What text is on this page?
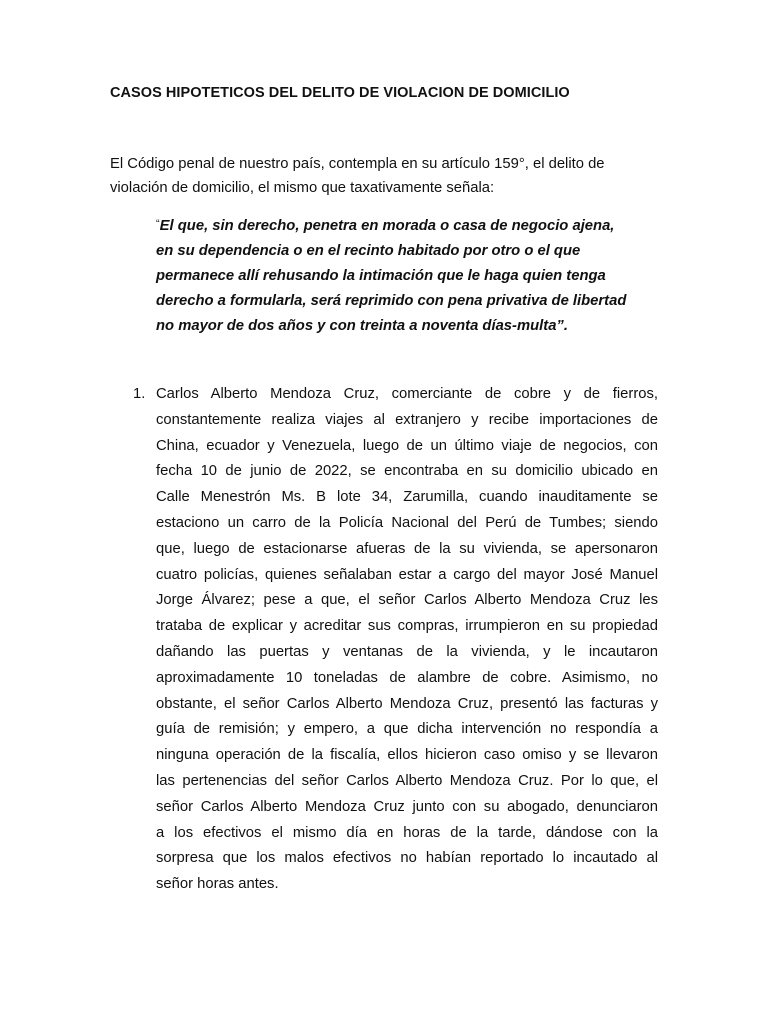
CASOS HIPOTETICOS DEL DELITO DE VIOLACION DE DOMICILIO
El Código penal de nuestro país, contempla en su artículo 159°, el delito de
violación de domicilio, el mismo que taxativamente señala:
“El que, sin derecho, penetra en morada o casa de negocio ajena,
en su dependencia o en el recinto habitado por otro o el que
permanece allí rehusando la intimación que le haga quien tenga
derecho a formularla, será reprimido con pena privativa de libertad
no mayor de dos años y con treinta a noventa días-multa”.
1. Carlos Alberto Mendoza Cruz, comerciante de cobre y de fierros,
constantemente realiza viajes al extranjero y recibe importaciones de
China, ecuador y Venezuela, luego de un último viaje de negocios, con
fecha 10 de junio de 2022, se encontraba en su domicilio ubicado en
Calle Menestrón Ms. B lote 34, Zarumilla, cuando inauditamente se
estaciono un carro de la Policía Nacional del Perú de Tumbes; siendo
que, luego de estacionarse afueras de la su vivienda, se apersonaron
cuatro policías, quienes señalaban estar a cargo del mayor José Manuel
Jorge Álvarez; pese a que, el señor Carlos Alberto Mendoza Cruz les
trataba de explicar y acreditar sus compras, irrumpieron en su propiedad
dañando las puertas y ventanas de la vivienda, y le incautaron
aproximadamente 10 toneladas de alambre de cobre. Asimismo, no
obstante, el señor Carlos Alberto Mendoza Cruz, presentó las facturas y
guía de remisión; y empero, a que dicha intervención no respondía a
ninguna operación de la fiscalía, ellos hicieron caso omiso y se llevaron
las pertenencias del señor Carlos Alberto Mendoza Cruz. Por lo que, el
señor Carlos Alberto Mendoza Cruz junto con su abogado, denunciaron
a los efectivos el mismo día en horas de la tarde, dándose con la
sorpresa que los malos efectivos no habían reportado lo incautado al
señor horas antes.
